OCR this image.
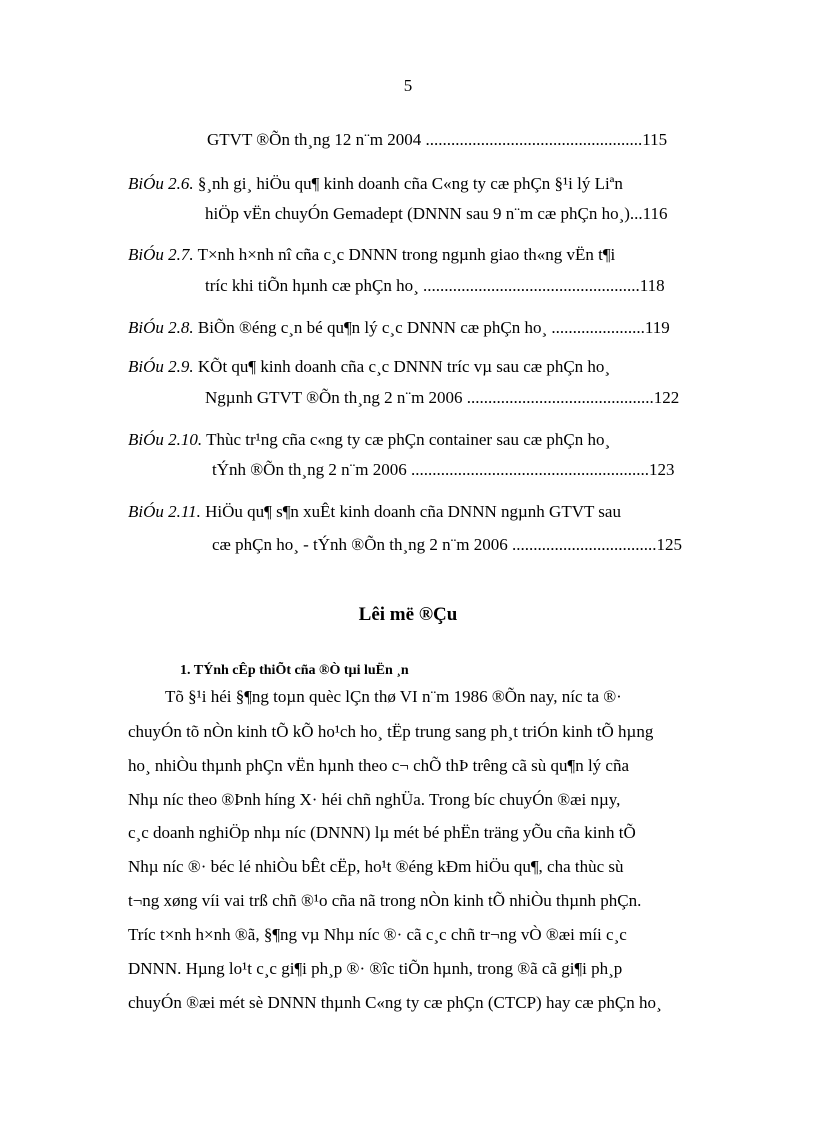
5
GTVT ®Õn th¸ng 12 n¨m 2004 ...................................................115
BiÓu 2.6. §¸nh gi¸ hiÖu qu¶ kinh doanh cña C«ng ty cæ phÇn §¹i lý Liªn
hiÖp vËn chuyÓn Gemadept (DNNN sau 9 n¨m cæ phÇn ho¸)...116
BiÓu 2.7. T×nh h×nh nî cña c¸c DNNN trong ngµnh giao th«ng vËn t¶i
tríc khi tiÕn hµnh cæ phÇn ho¸ ...................................................118
BiÓu 2.8. BiÕn ®éng c¸n bé qu¶n lý c¸c DNNN cæ phÇn ho¸ ......................119
BiÓu 2.9. KÕt qu¶ kinh doanh cña c¸c DNNN tríc vµ sau cæ phÇn ho¸
Ngµnh GTVT ®Õn th¸ng 2 n¨m 2006 ............................................122
BiÓu 2.10. Thùc tr¹ng cña c«ng ty cæ phÇn container sau cæ phÇn ho¸
tÝnh ®Õn th¸ng 2 n¨m 2006 ........................................................123
BiÓu 2.11. HiÖu qu¶ s¶n xuÊt kinh doanh cña DNNN ngµnh GTVT sau
cæ phÇn ho¸ - tÝnh ®Õn th¸ng 2 n¨m 2006 ..................................125
Lêi më ®Çu
1. TÝnh cÊp thiÕt cña ®Ò tµi luËn ¸n
Tõ §¹i héi §¶ng toµn quèc lÇn thø VI n¨m 1986 ®Õn nay, níc ta ®·
chuyÓn tõ nÒn kinh tÕ kÕ ho¹ch ho¸ tËp trung sang ph¸t triÓn kinh tÕ hµng
ho¸ nhiÒu thµnh phÇn vËn hµnh theo c¬ chÕ thÞ trêng cã sù qu¶n lý cña
Nhµ níc theo ®Þnh híng X· héi chñ nghÜa. Trong bíc chuyÓn ®æi nµy,
c¸c doanh nghiÖp nhµ níc (DNNN) lµ mét bé phËn träng yÕu cña kinh tÕ
Nhµ níc ®· béc lé nhiÒu bÊt cËp, ho¹t ®éng kÐm hiÖu qu¶, cha thùc sù
t¬ng xøng víi vai trß chñ ®¹o cña nã trong nÒn kinh tÕ nhiÒu thµnh phÇn.
Tríc t×nh h×nh ®ã, §¶ng vµ Nhµ níc ®· cã c¸c chñ tr¬ng vÒ ®æi míi c¸c
DNNN. Hµng lo¹t c¸c gi¶i ph¸p ®· ®îc tiÕn hµnh, trong ®ã cã gi¶i ph¸p
chuyÓn ®æi mét sè DNNN thµnh C«ng ty cæ phÇn (CTCP) hay cæ phÇn ho¸
